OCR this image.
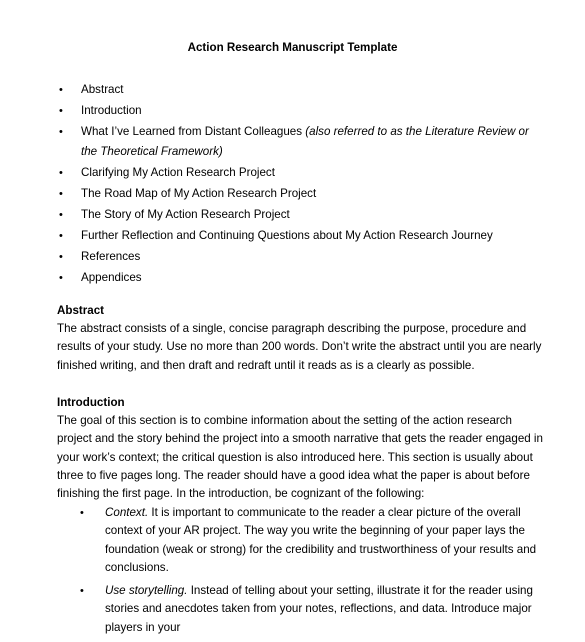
Action Research Manuscript Template
• Abstract
• Introduction
• What I’ve Learned from Distant Colleagues (also referred to as the Literature Review or the Theoretical Framework)
• Clarifying My Action Research Project
• The Road Map of My Action Research Project
• The Story of My Action Research Project
• Further Reflection and Continuing Questions about My Action Research Journey
• References
• Appendices
Abstract

The abstract consists of a single, concise paragraph describing the purpose, procedure and results of your study. Use no more than 200 words. Don’t write the abstract until you are nearly finished writing, and then draft and redraft until it reads as is a clearly as possible.

Introduction

The goal of this section is to combine information about the setting of the action research project and the story behind the project into a smooth narrative that gets the reader engaged in your work’s context; the critical question is also introduced here. This section is usually about three to five pages long. The reader should have a good idea what the paper is about before finishing the first page. In the introduction, be cognizant of the following:

• Context. It is important to communicate to the reader a clear picture of the overall context of your AR project. The way you write the beginning of your paper lays the foundation (weak or strong) for the credibility and trustworthiness of your results and conclusions.
• Use storytelling. Instead of telling about your setting, illustrate it for the reader using stories and anecdotes taken from your notes, reflections, and data. Introduce major players in your
